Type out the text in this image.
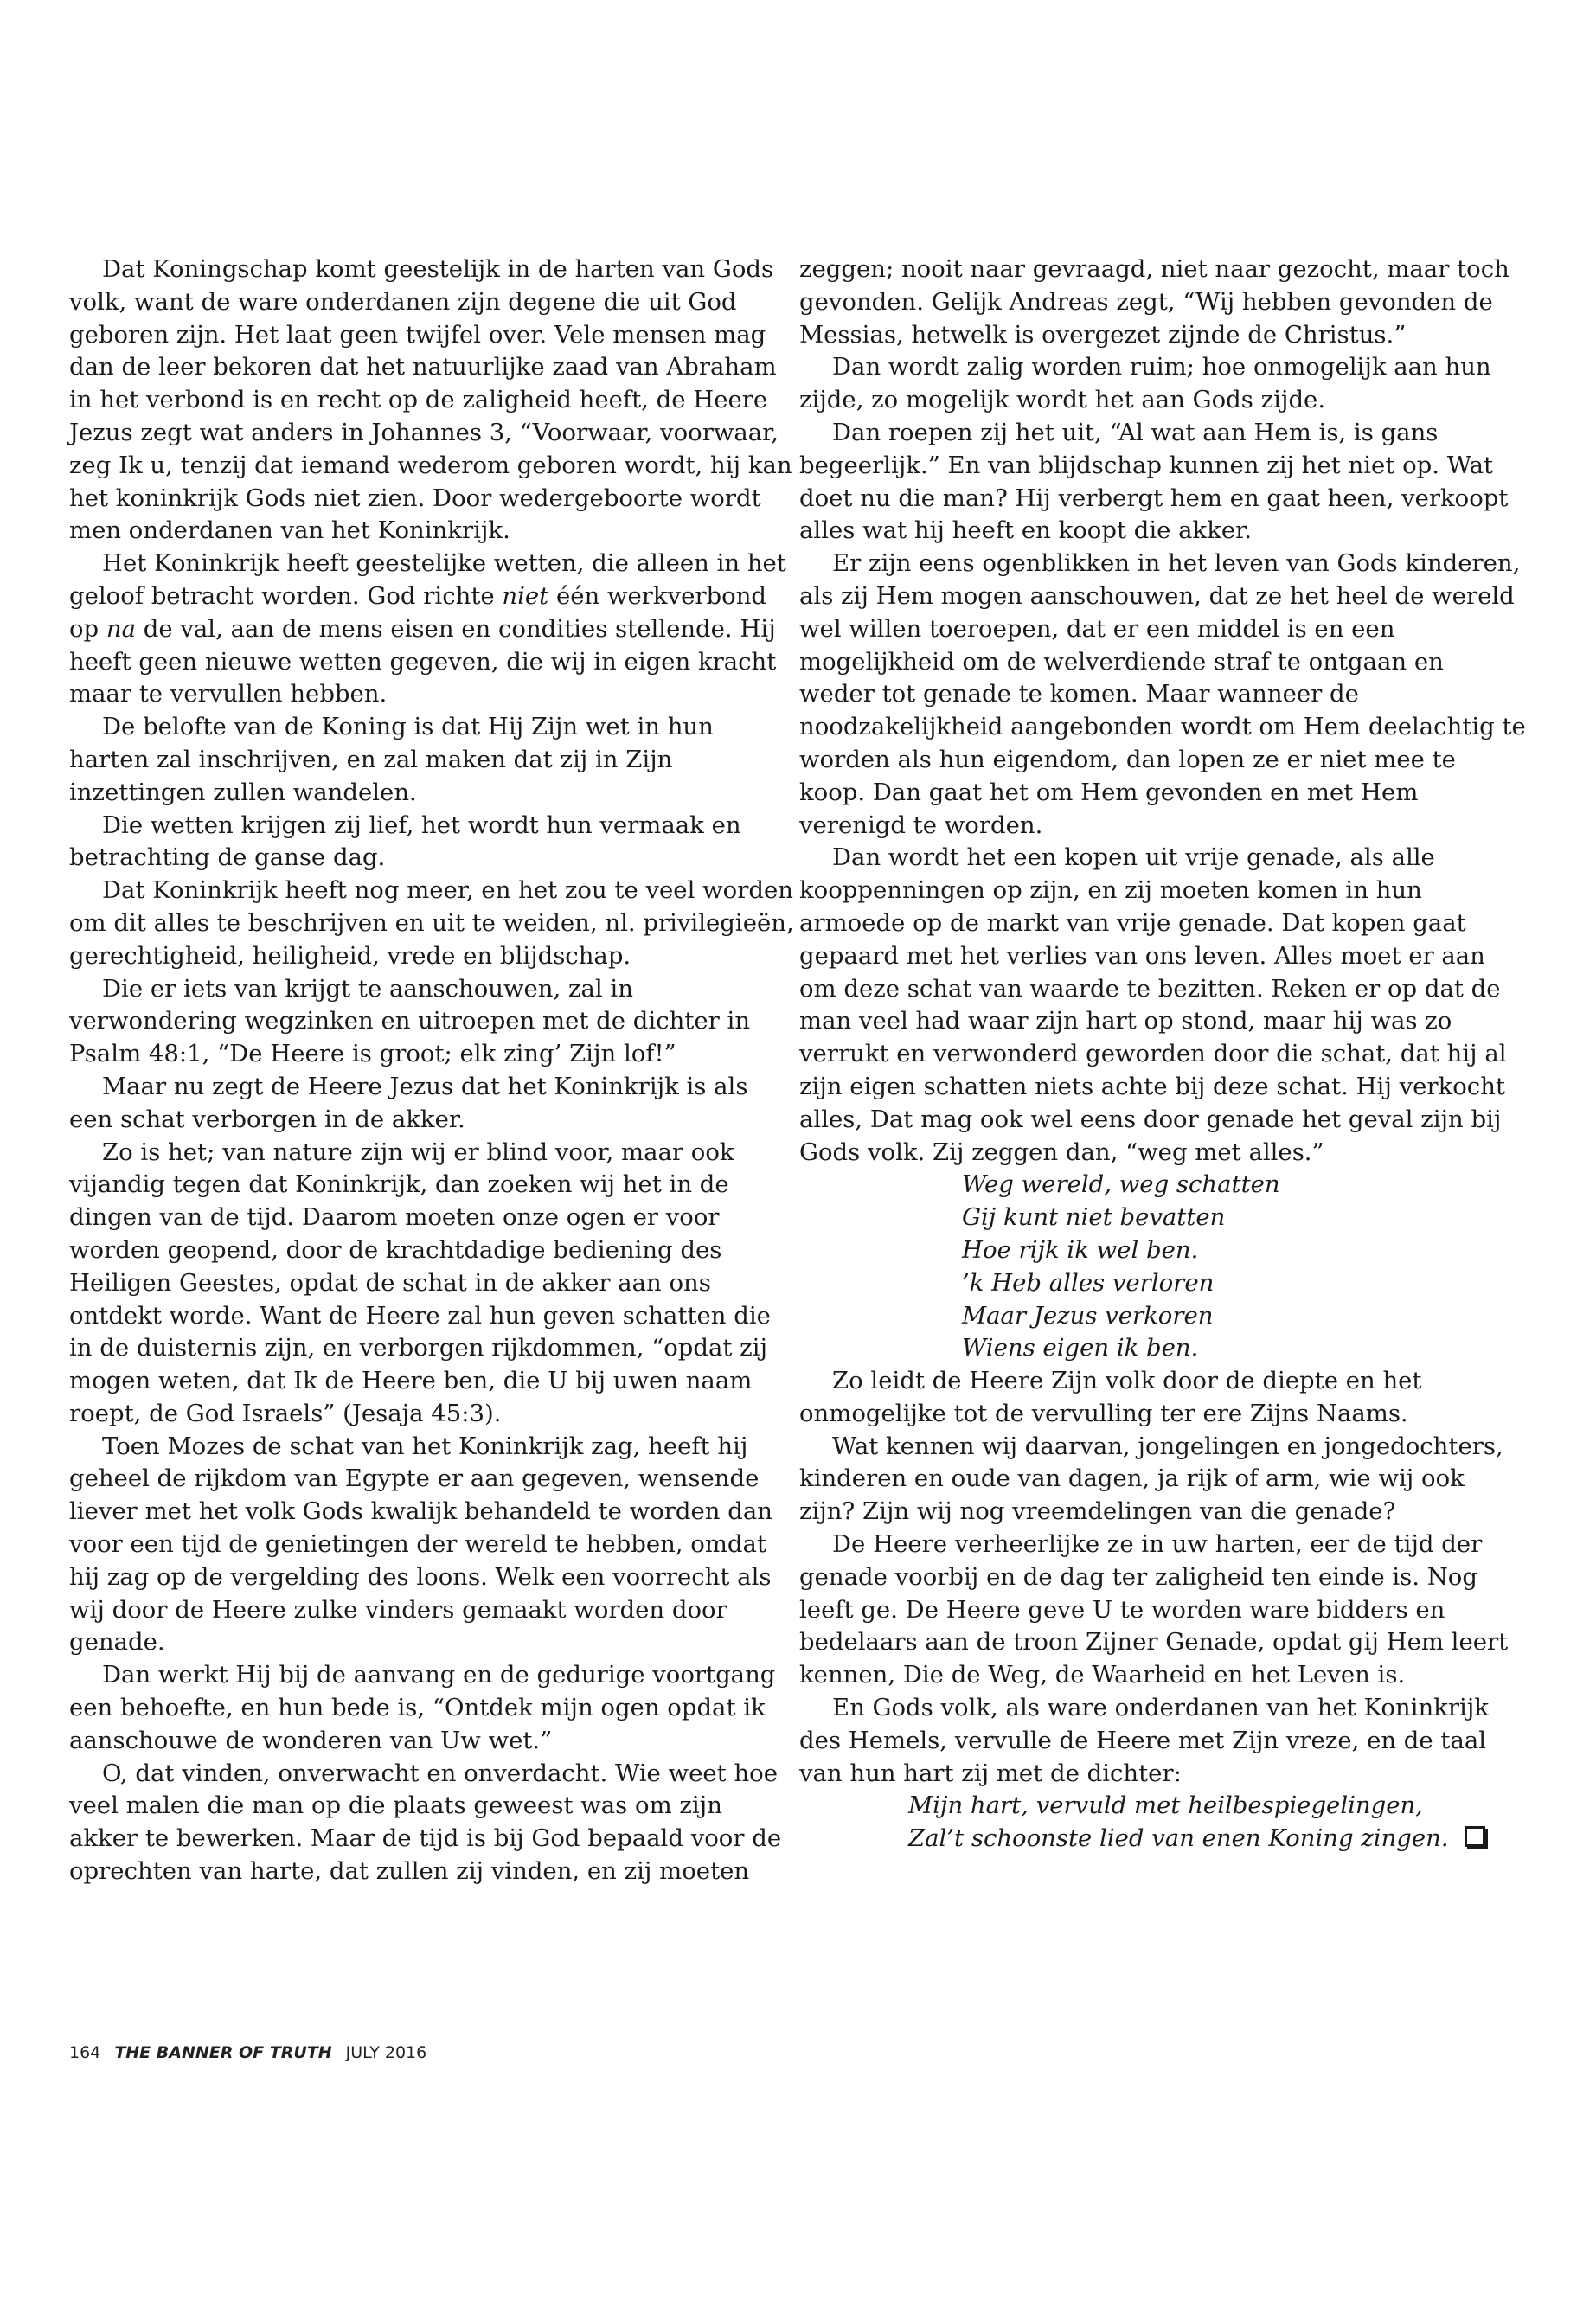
Dat Koningschap komt geestelijk in de harten van Gods volk, want de ware onderdanen zijn degene die uit God geboren zijn. Het laat geen twijfel over. Vele mensen mag dan de leer bekoren dat het natuurlijke zaad van Abraham in het verbond is en recht op de zaligheid heeft, de Heere Jezus zegt wat anders in Johannes 3, “Voorwaar, voorwaar, zeg Ik u, tenzij dat iemand wederom geboren wordt, hij kan het koninkrijk Gods niet zien. Door wedergeboorte wordt men onderdanen van het Koninkrijk.

Het Koninkrijk heeft geestelijke wetten, die alleen in het geloof betracht worden. God richte niet één werkverbond op na de val, aan de mens eisen en condities stellende. Hij heeft geen nieuwe wetten gegeven, die wij in eigen kracht maar te vervullen hebben.

De belofte van de Koning is dat Hij Zijn wet in hun harten zal inschrijven, en zal maken dat zij in Zijn inzettingen zullen wandelen.

Die wetten krijgen zij lief, het wordt hun vermaak en betrachting de ganse dag.

Dat Koninkrijk heeft nog meer, en het zou te veel worden om dit alles te beschrijven en uit te weiden, nl. privilegieën, gerechtigheid, heiligheid, vrede en blijdschap.

Die er iets van krijgt te aanschouwen, zal in verwondering wegzinken en uitroepen met de dichter in Psalm 48:1, “De Heere is groot; elk zing’ Zijn lof!”

Maar nu zegt de Heere Jezus dat het Koninkrijk is als een schat verborgen in de akker.

Zo is het; van nature zijn wij er blind voor, maar ook vijandig tegen dat Koninkrijk, dan zoeken wij het in de dingen van de tijd. Daarom moeten onze ogen er voor worden geopend, door de krachtdadige bediening des Heiligen Geestes, opdat de schat in de akker aan ons ontdekt worde. Want de Heere zal hun geven schatten die in de duisternis zijn, en verborgen rijkdommen, “opdat zij mogen weten, dat Ik de Heere ben, die U bij uwen naam roept, de God Israels” (Jesaja 45:3).

Toen Mozes de schat van het Koninkrijk zag, heeft hij geheel de rijkdom van Egypte er aan gegeven, wensende liever met het volk Gods kwalijk behandeld te worden dan voor een tijd de genietingen der wereld te hebben, omdat hij zag op de vergelding des loons. Welk een voorrecht als wij door de Heere zulke vinders gemaakt worden door genade.

Dan werkt Hij bij de aanvang en de gedurige voortgang een behoefte, en hun bede is, “Ontdek mijn ogen opdat ik aanschouwe de wonderen van Uw wet.”

O, dat vinden, onverwacht en onverdacht. Wie weet hoe veel malen die man op die plaats geweest was om zijn akker te bewerken. Maar de tijd is bij God bepaald voor de oprechten van harte, dat zullen zij vinden, en zij moeten

zeggen; nooit naar gevraagd, niet naar gezocht, maar toch gevonden. Gelijk Andreas zegt, “Wij hebben gevonden de Messias, hetwelk is overgezet zijnde de Christus.”

Dan wordt zalig worden ruim; hoe onmogelijk aan hun zijde, zo mogelijk wordt het aan Gods zijde.

Dan roepen zij het uit, “Al wat aan Hem is, is gans begeerlijk.” En van blijdschap kunnen zij het niet op. Wat doet nu die man? Hij verbergt hem en gaat heen, verkoopt alles wat hij heeft en koopt die akker.

Er zijn eens ogenblikken in het leven van Gods kinderen, als zij Hem mogen aanschouwen, dat ze het heel de wereld wel willen toeroepen, dat er een middel is en een mogelijkheid om de welverdiende straf te ontgaan en weder tot genade te komen. Maar wanneer de noodzakelijkheid aangebonden wordt om Hem deelachtig te worden als hun eigendom, dan lopen ze er niet mee te koop. Dan gaat het om Hem gevonden en met Hem verenigd te worden.

Dan wordt het een kopen uit vrije genade, als alle kooppenningen op zijn, en zij moeten komen in hun armoede op de markt van vrije genade. Dat kopen gaat gepaard met het verlies van ons leven. Alles moet er aan om deze schat van waarde te bezitten. Reken er op dat de man veel had waar zijn hart op stond, maar hij was zo verrukt en verwonderd geworden door die schat, dat hij al zijn eigen schatten niets achte bij deze schat. Hij verkocht alles, Dat mag ook wel eens door genade het geval zijn bij Gods volk. Zij zeggen dan, “weg met alles.”

Weg wereld, weg schatten
Gij kunt niet bevatten
Hoe rijk ik wel ben.
’k Heb alles verloren
Maar Jezus verkoren
Wiens eigen ik ben.

Zo leidt de Heere Zijn volk door de diepte en het onmogelijke tot de vervulling ter ere Zijns Naams.

Wat kennen wij daarvan, jongelingen en jongedochters, kinderen en oude van dagen, ja rijk of arm, wie wij ook zijn? Zijn wij nog vreemdelingen van die genade?

De Heere verheerlijke ze in uw harten, eer de tijd der genade voorbij en de dag ter zaligheid ten einde is. Nog leeft ge. De Heere geve U te worden ware bidders en bedelaars aan de troon Zijner Genade, opdat gij Hem leert kennen, Die de Weg, de Waarheid en het Leven is.

En Gods volk, als ware onderdanen van het Koninkrijk des Hemels, vervulle de Heere met Zijn vreze, en de taal van hun hart zij met de dichter:

Mijn hart, vervuld met heilbespiegelingen,
Zal’t schoonste lied van enen Koning zingen.
164 THE BANNER OF TRUTH JULY 2016
